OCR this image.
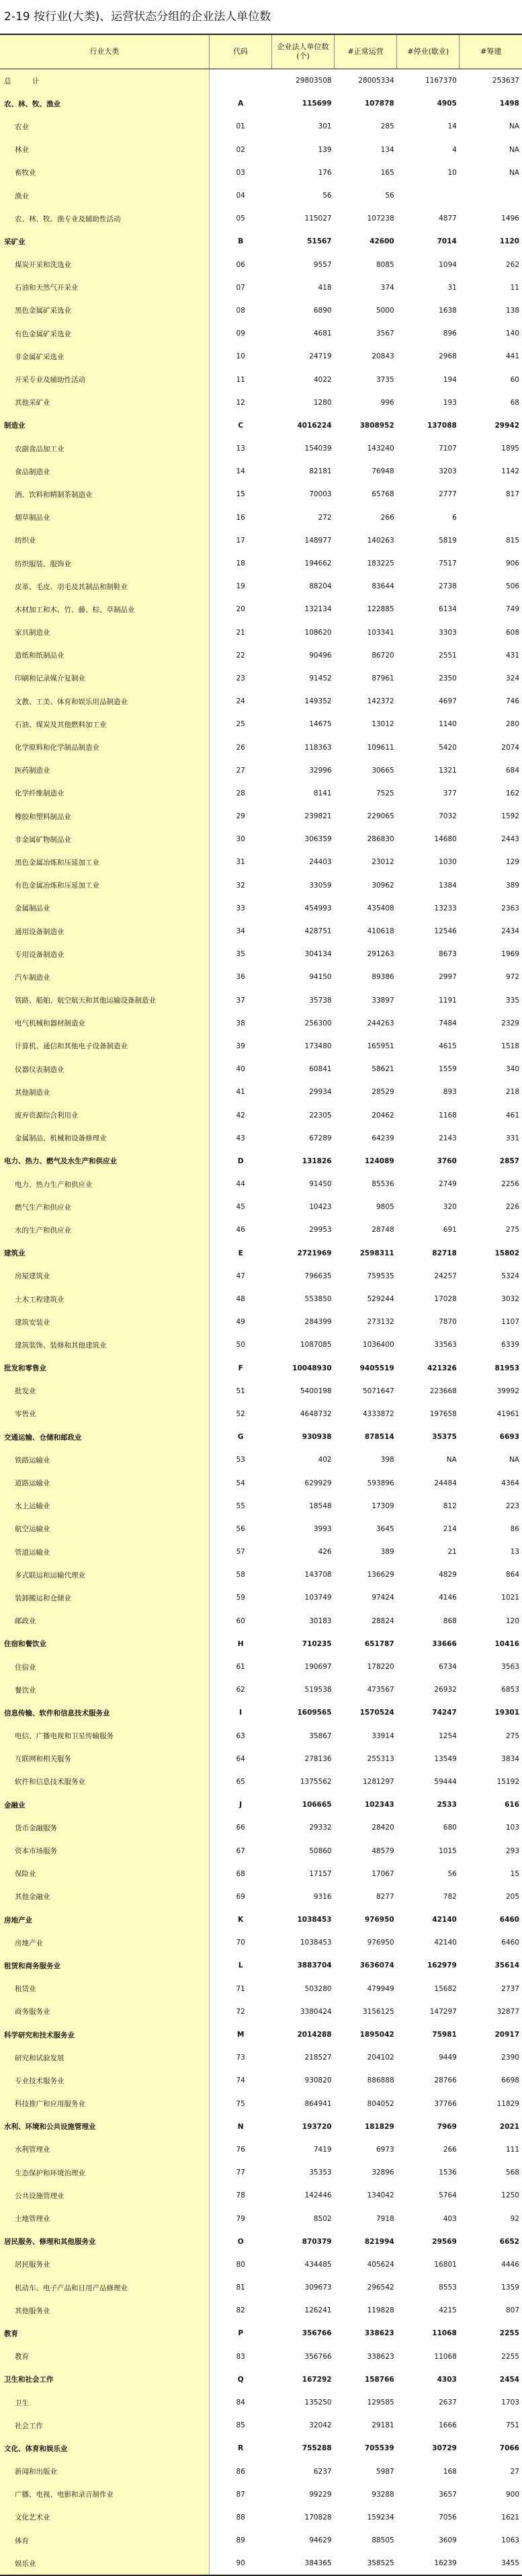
2-19 按行业(大类)、运营状态分组的企业法人单位数
行业大类	代码	企业法人单位数(个)	#正常运营	#停业(歇业)	#筹建
总 计		29803508	28005334	1167370	253637
农、林、牧、渔业	A	115699	107878	4905	1498
农业	01	301	285	14	NA
林业	02	139	134	4	NA
畜牧业	03	176	165	10	NA
渔业	04	56	56		
农、林、牧、渔专业及辅助性活动	05	115027	107238	4877	1496
采矿业	B	51567	42600	7014	1120
煤炭开采和洗选业	06	9557	8085	1094	262
石油和天然气开采业	07	418	374	31	11
黑色金属矿采选业	08	6890	5000	1638	138
有色金属矿采选业	09	4681	3567	896	140
非金属矿采选业	10	24719	20843	2968	441
开采专业及辅助性活动	11	4022	3735	194	60
其他采矿业	12	1280	996	193	68
制造业	C	4016224	3808952	137088	29942
农副食品加工业	13	154039	143240	7107	1895
食品制造业	14	82181	76948	3203	1142
酒、饮料和精制茶制造业	15	70003	65768	2777	817
烟草制品业	16	272	266	6	
纺织业	17	148977	140263	5819	815
纺织服装、服饰业	18	194662	183225	7517	906
皮革、毛皮、羽毛及其制品和制鞋业	19	88204	83644	2738	506
木材加工和木、竹、藤、棕、草制品业	20	132134	122885	6134	749
家具制造业	21	108620	103341	3303	608
造纸和纸制品业	22	90496	86720	2551	431
印刷和记录媒介复制业	23	91452	87961	2350	324
文教、工美、体育和娱乐用品制造业	24	149352	142372	4697	746
石油、煤炭及其他燃料加工业	25	14675	13012	1140	280
化学原料和化学制品制造业	26	118363	109611	5420	2074
医药制造业	27	32996	30665	1321	684
化学纤维制造业	28	8141	7525	377	162
橡胶和塑料制品业	29	239821	229065	7032	1592
非金属矿物制品业	30	306359	286830	14680	2443
黑色金属冶炼和压延加工业	31	24403	23012	1030	129
有色金属冶炼和压延加工业	32	33059	30962	1384	389
金属制品业	33	454993	435408	13233	2363
通用设备制造业	34	428751	410618	12546	2434
专用设备制造业	35	304134	291263	8673	1969
汽车制造业	36	94150	89386	2997	972
铁路、船舶、航空航天和其他运输设备制造业	37	35738	33897	1191	335
电气机械和器材制造业	38	256300	244263	7484	2329
计算机、通信和其他电子设备制造业	39	173480	165951	4615	1518
仪器仪表制造业	40	60841	58621	1559	340
其他制造业	41	29934	28529	893	218
废弃资源综合利用业	42	22305	20462	1168	461
金属制品、机械和设备修理业	43	67289	64239	2143	331
电力、热力、燃气及水生产和供应业	D	131826	124089	3760	2857
电力、热力生产和供应业	44	91450	85536	2749	2256
燃气生产和供应业	45	10423	9805	320	226
水的生产和供应业	46	29953	28748	691	275
建筑业	E	2721969	2598311	82718	15802
房屋建筑业	47	796635	759535	24257	5324
土木工程建筑业	48	553850	529244	17028	3032
建筑安装业	49	284399	273132	7870	1107
建筑装饰、装修和其他建筑业	50	1087085	1036400	33563	6339
批发和零售业	F	10048930	9405519	421326	81953
批发业	51	5400198	5071647	223668	39992
零售业	52	4648732	4333872	197658	41961
交通运输、仓储和邮政业	G	930938	878514	35375	6693
铁路运输业	53	402	398	NA	NA
道路运输业	54	629929	593896	24484	4364
水上运输业	55	18548	17309	812	223
航空运输业	56	3993	3645	214	86
管道运输业	57	426	389	21	13
多式联运和运输代理业	58	143708	136629	4829	864
装卸搬运和仓储业	59	103749	97424	4146	1021
邮政业	60	30183	28824	868	120
住宿和餐饮业	H	710235	651787	33666	10416
住宿业	61	190697	178220	6734	3563
餐饮业	62	519538	473567	26932	6853
信息传输、软件和信息技术服务业	I	1609565	1570524	74247	19301
电信、广播电视和卫星传输服务	63	35867	33914	1254	275
互联网和相关服务	64	278136	255313	13549	3834
软件和信息技术服务业	65	1375562	1281297	59444	15192
金融业	J	106665	102343	2533	616
货币金融服务	66	29332	28420	680	103
资本市场服务	67	50860	48579	1015	293
保险业	68	17157	17067	56	15
其他金融业	69	9316	8277	782	205
房地产业	K	1038453	976950	42140	6460
房地产业	70	1038453	976950	42140	6460
租赁和商务服务业	L	3883704	3636074	162979	35614
租赁业	71	503280	479949	15682	2737
商务服务业	72	3380424	3156125	147297	32877
科学研究和技术服务业	M	2014288	1895042	75981	20917
研究和试验发展	73	218527	204102	9449	2390
专业技术服务业	74	930820	886888	28766	6698
科技推广和应用服务业	75	864941	804052	37766	11829
水利、环境和公共设施管理业	N	193720	181829	7969	2021
水利管理业	76	7419	6973	266	111
生态保护和环境治理业	77	35353	32896	1536	568
公共设施管理业	78	142446	134042	5764	1250
土地管理业	79	8502	7918	403	92
居民服务、修理和其他服务业	O	870379	821994	29569	6652
居民服务业	80	434485	405624	16801	4446
机动车、电子产品和日用产品修理业	81	309673	296542	8553	1359
其他服务业	82	126241	119828	4215	807
教育	P	356766	338623	11068	2255
教育	83	356766	338623	11068	2255
卫生和社会工作	Q	167292	158766	4303	2454
卫生	84	135250	129585	2637	1703
社会工作	85	32042	29181	1666	751
文化、体育和娱乐业	R	755288	705539	30729	7066
新闻和出版业	86	6237	5987	168	27
广播、电视、电影和录音制作业	87	99229	93288	3657	900
文化艺术业	88	170828	159234	7056	1621
体育	89	94629	88505	3609	1063
娱乐业	90	384365	358525	16239	3455
